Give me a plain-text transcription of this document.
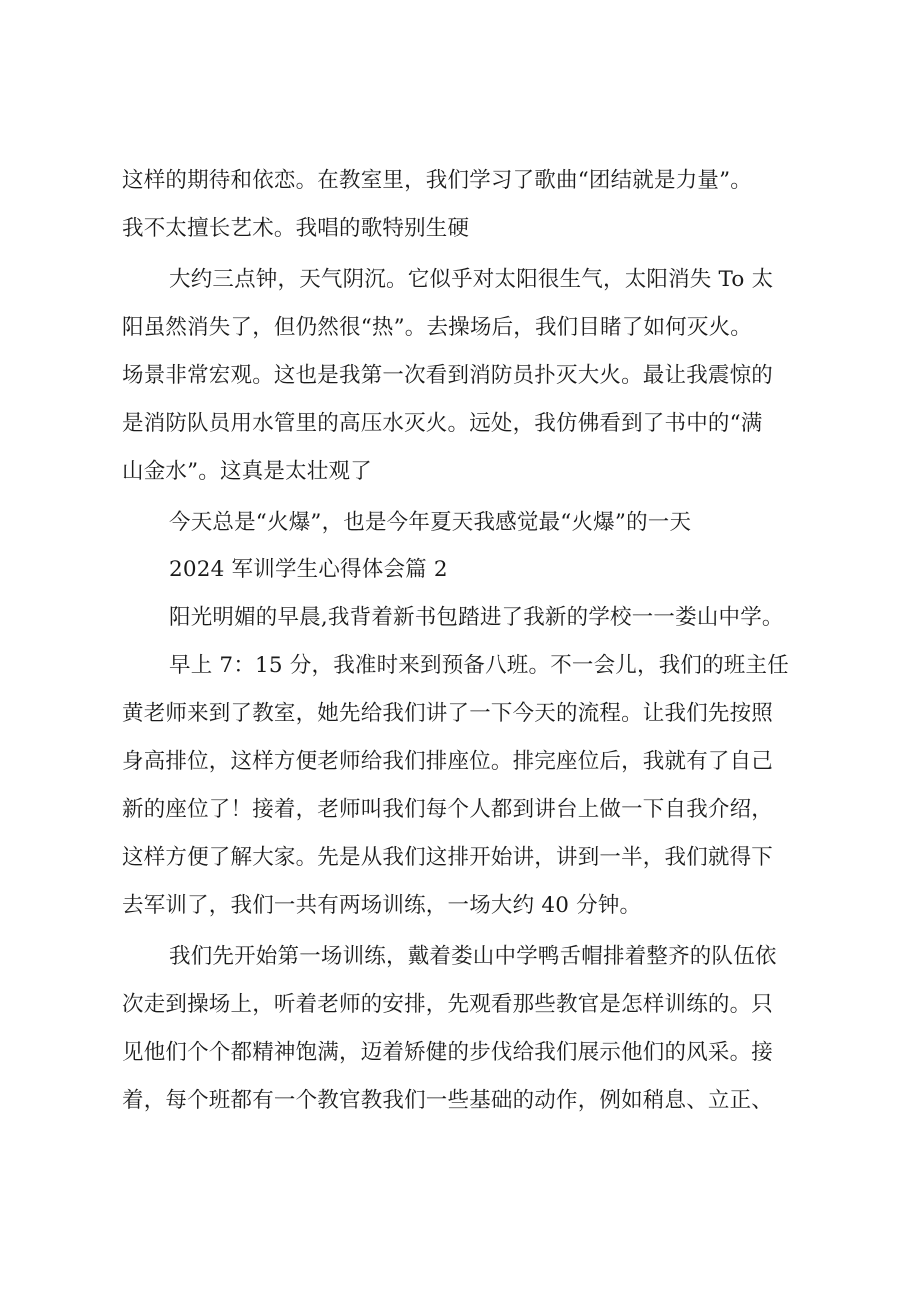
这样的期待和依恋。在教室里，我们学习了歌曲“团结就是力量”。
我不太擅长艺术。我唱的歌特别生硬
大约三点钟，天气阴沉。它似乎对太阳很生气，太阳消失 To 太
阳虽然消失了，但仍然很“热”。去操场后，我们目睹了如何灭火。
场景非常宏观。这也是我第一次看到消防员扑灭大火。最让我震惊的
是消防队员用水管里的高压水灭火。远处，我仿佛看到了书中的“满
山金水”。这真是太壮观了
今天总是“火爆”，也是今年夏天我感觉最“火爆”的一天
2024 军训学生心得体会篇 2
阳光明媚的早晨,我背着新书包踏进了我新的学校一一娄山中学。
早上 7：15 分，我准时来到预备八班。不一会儿，我们的班主任
黄老师来到了教室，她先给我们讲了一下今天的流程。让我们先按照
身高排位，这样方便老师给我们排座位。排完座位后，我就有了自己
新的座位了！接着，老师叫我们每个人都到讲台上做一下自我介绍，
这样方便了解大家。先是从我们这排开始讲，讲到一半，我们就得下
去军训了，我们一共有两场训练，一场大约 40 分钟。
我们先开始第一场训练，戴着娄山中学鸭舌帽排着整齐的队伍依
次走到操场上，听着老师的安排，先观看那些教官是怎样训练的。只
见他们个个都精神饱满，迈着矫健的步伐给我们展示他们的风采。接
着，每个班都有一个教官教我们一些基础的动作，例如稍息、立正、
